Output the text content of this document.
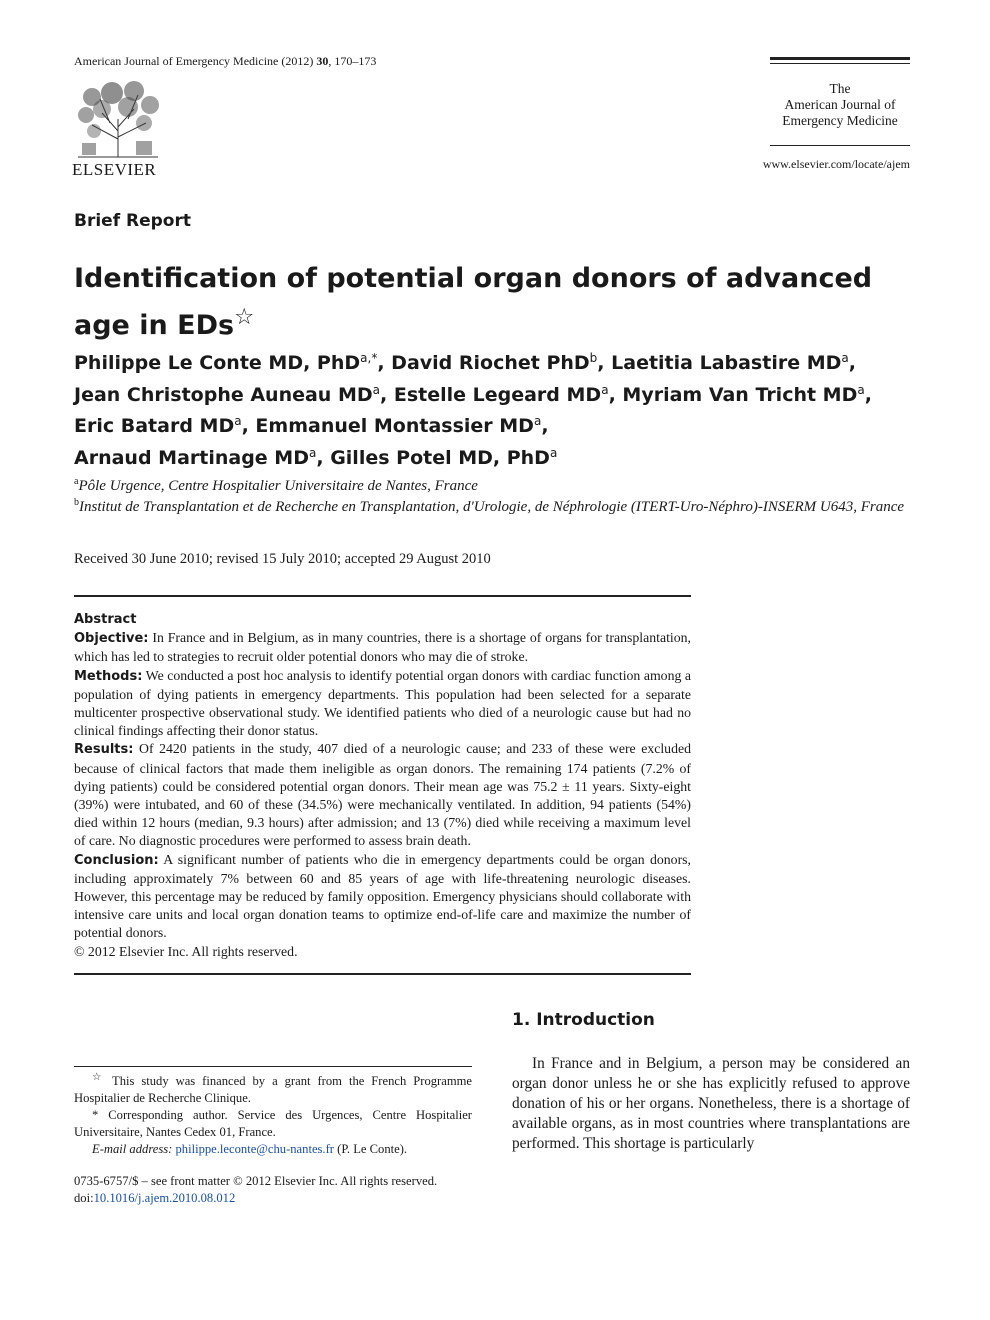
American Journal of Emergency Medicine (2012) 30, 170–173
ELSEVIER
The
American Journal of
Emergency Medicine
www.elsevier.com/locate/ajem
Brief Report
Identification of potential organ donors of advanced age in EDs☆
Philippe Le Conte MD, PhD$^{a,*}$, David Riochet PhD$^b$, Laetitia Labastire $MD^a$,
Jean Christophe Auneau $MD^a$, Estelle Legeard $MD^a$, Myriam Van Tricht $MD^a$,
Eric Batard $MD^a$, Emmanuel Montassier $MD^a$,
Arnaud Martinage $MD^a$, Gilles Potel MD, PhD$^a$
$^a$Pôle Urgence, Centre Hospitalier Universitaire de Nantes, France
$^b$Institut de Transplantation et de Recherche en Transplantation, d'Urologie, de Néphrologie (ITERT-Uro-Néphro)-INSERM U643, France
Received 30 June 2010; revised 15 July 2010; accepted 29 August 2010

Abstract

Objective: In France and in Belgium, as in many countries, there is a shortage of organs for transplantation, which has led to strategies to recruit older potential donors who may die of stroke.

Methods: We conducted a post hoc analysis to identify potential organ donors with cardiac function among a population of dying patients in emergency departments. This population had been selected for a separate multicenter prospective observational study. We identified patients who died of a neurologic cause but had no clinical findings affecting their donor status.

Results: Of 2420 patients in the study, 407 died of a neurologic cause; and 233 of these were excluded because of clinical factors that made them ineligible as organ donors. The remaining 174 patients (7.2% of dying patients) could be considered potential organ donors. Their mean age was 75.2 ± 11 years. Sixty-eight (39%) were intubated, and 60 of these (34.5%) were mechanically ventilated. In addition, 94 patients (54%) died within 12 hours (median, 9.3 hours) after admission; and 13 (7%) died while receiving a maximum level of care. No diagnostic procedures were performed to assess brain death.

Conclusion: A significant number of patients who die in emergency departments could be organ donors, including approximately 7% between 60 and 85 years of age with life-threatening neurologic diseases. However, this percentage may be reduced by family opposition. Emergency physicians should collaborate with intensive care units and local organ donation teams to optimize end-of-life care and maximize the number of potential donors.

© 2012 Elsevier Inc. All rights reserved.

1. Introduction
In France and in Belgium, a person may be considered an organ donor unless he or she has explicitly refused to approve donation of his or her organs. Nonetheless, there is a shortage of available organs, as in most countries where transplantations are performed. This shortage is particularly

☆ This study was financed by a grant from the French Programme Hospitalier de Recherche Clinique.

* Corresponding author. Service des Urgences, Centre Hospitalier Universitaire, Nantes Cedex 01, France.

E-mail address: philippe.leconte@chu-nantes.fr (P. Le Conte).

0735-6757/$ – see front matter © 2012 Elsevier Inc. All rights reserved.
doi:10.1016/j.ajem.2010.08.012
